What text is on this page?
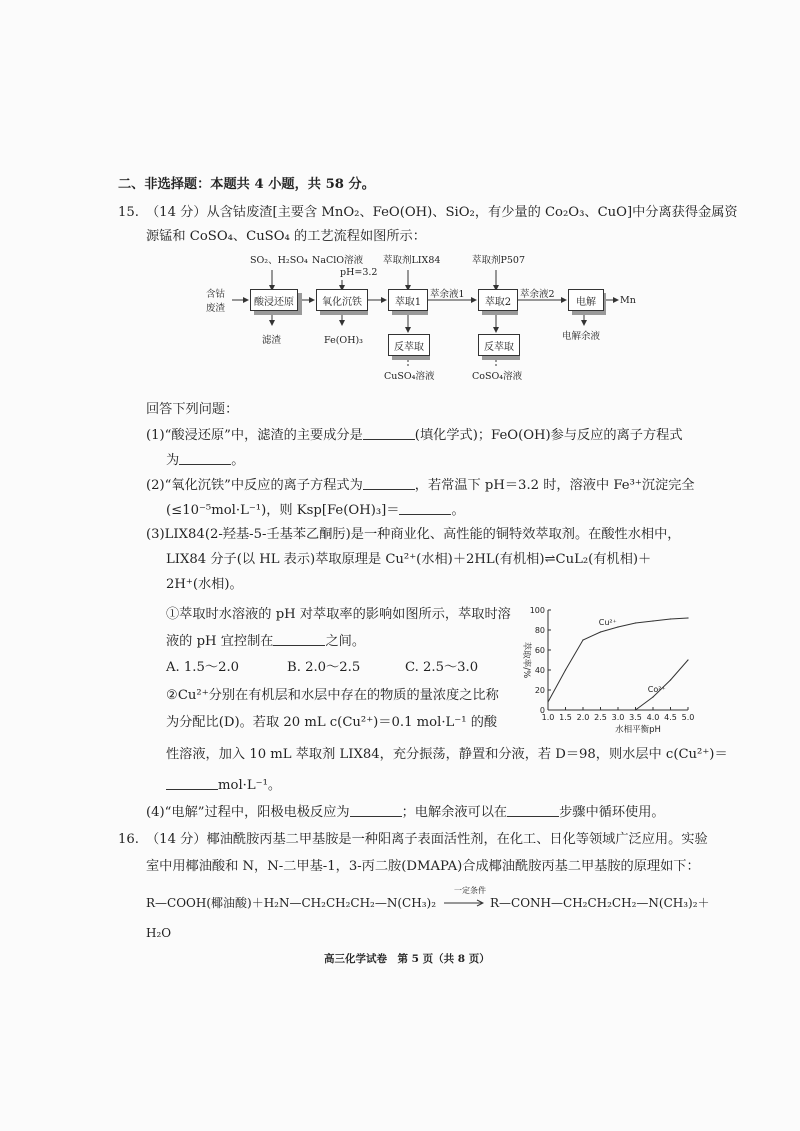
二、非选择题：本题共 4 小题，共 58 分。
15. （14 分）从含钴废渣[主要含 MnO₂、FeO(OH)、SiO₂，有少量的 Co₂O₃、CuO]中分离获得金属资
源锰和 CoSO₄、CuSO₄ 的工艺流程如图所示：
含钴
废渣
SO₂、H₂SO₄ NaClO溶液
pH=3.2
萃取剂LIX84	萃取剂P507
酸浸还原	氧化沉铁	萃取1	萃取2	电解
反萃取	反萃取
萃余液1	萃余液2
Mn
滤渣	Fe(OH)₃	电解余液
CuSO₄溶液	CoSO₄溶液
回答下列问题：
(1)“酸浸还原”中，滤渣的主要成分是	(填化学式)；FeO(OH)参与反应的离子方程式
为	。
(2)“氧化沉铁”中反应的离子方程式为	，若常温下 pH＝3.2 时，溶液中 Fe³⁺沉淀完全
(≤10⁻⁵mol·L⁻¹)，则 Ksp[Fe(OH)₃]＝	。
(3)LIX84(2-羟基-5-壬基苯乙酮肟)是一种商业化、高性能的铜特效萃取剂。在酸性水相中，
LIX84 分子(以 HL 表示)萃取原理是 Cu²⁺(水相)＋2HL(有机相)⇌CuL₂(有机相)＋
2H⁺(水相)。
①萃取时水溶液的 pH 对萃取率的影响如图所示，萃取时溶
液的 pH 宜控制在	之间。
A. 1.5～2.0	B. 2.0～2.5	C. 2.5～3.0
②Cu²⁺分别在有机层和水层中存在的物质的量浓度之比称
为分配比(D)。若取 20 mL c(Cu²⁺)＝0.1 mol·L⁻¹ 的酸
性溶液，加入 10 mL 萃取剂 LIX84，充分振荡，静置和分液，若 D＝98，则水层中 c(Cu²⁺)＝
mol·L⁻¹。
1.0 1.5 2.0 2.5 3.0 3.5 4.0 4.5 5.0
0
20
40
60
80
100
水相平衡pH
萃取率/%
Cu²⁺
Co²⁺
(4)“电解”过程中，阳极电极反应为	；电解余液可以在	步骤中循环使用。
16. （14 分）椰油酰胺丙基二甲基胺是一种阳离子表面活性剂，在化工、日化等领域广泛应用。实验
室中用椰油酸和 N，N-二甲基-1，3-丙二胺(DMAPA)合成椰油酰胺丙基二甲基胺的原理如下：
R—COOH(椰油酸)＋H₂N—CH₂CH₂CH₂—N(CH₃)₂
一定条件
→ R—CONH—CH₂CH₂CH₂—N(CH₃)₂＋
H₂O
高三化学试卷　第 5 页（共 8 页）
